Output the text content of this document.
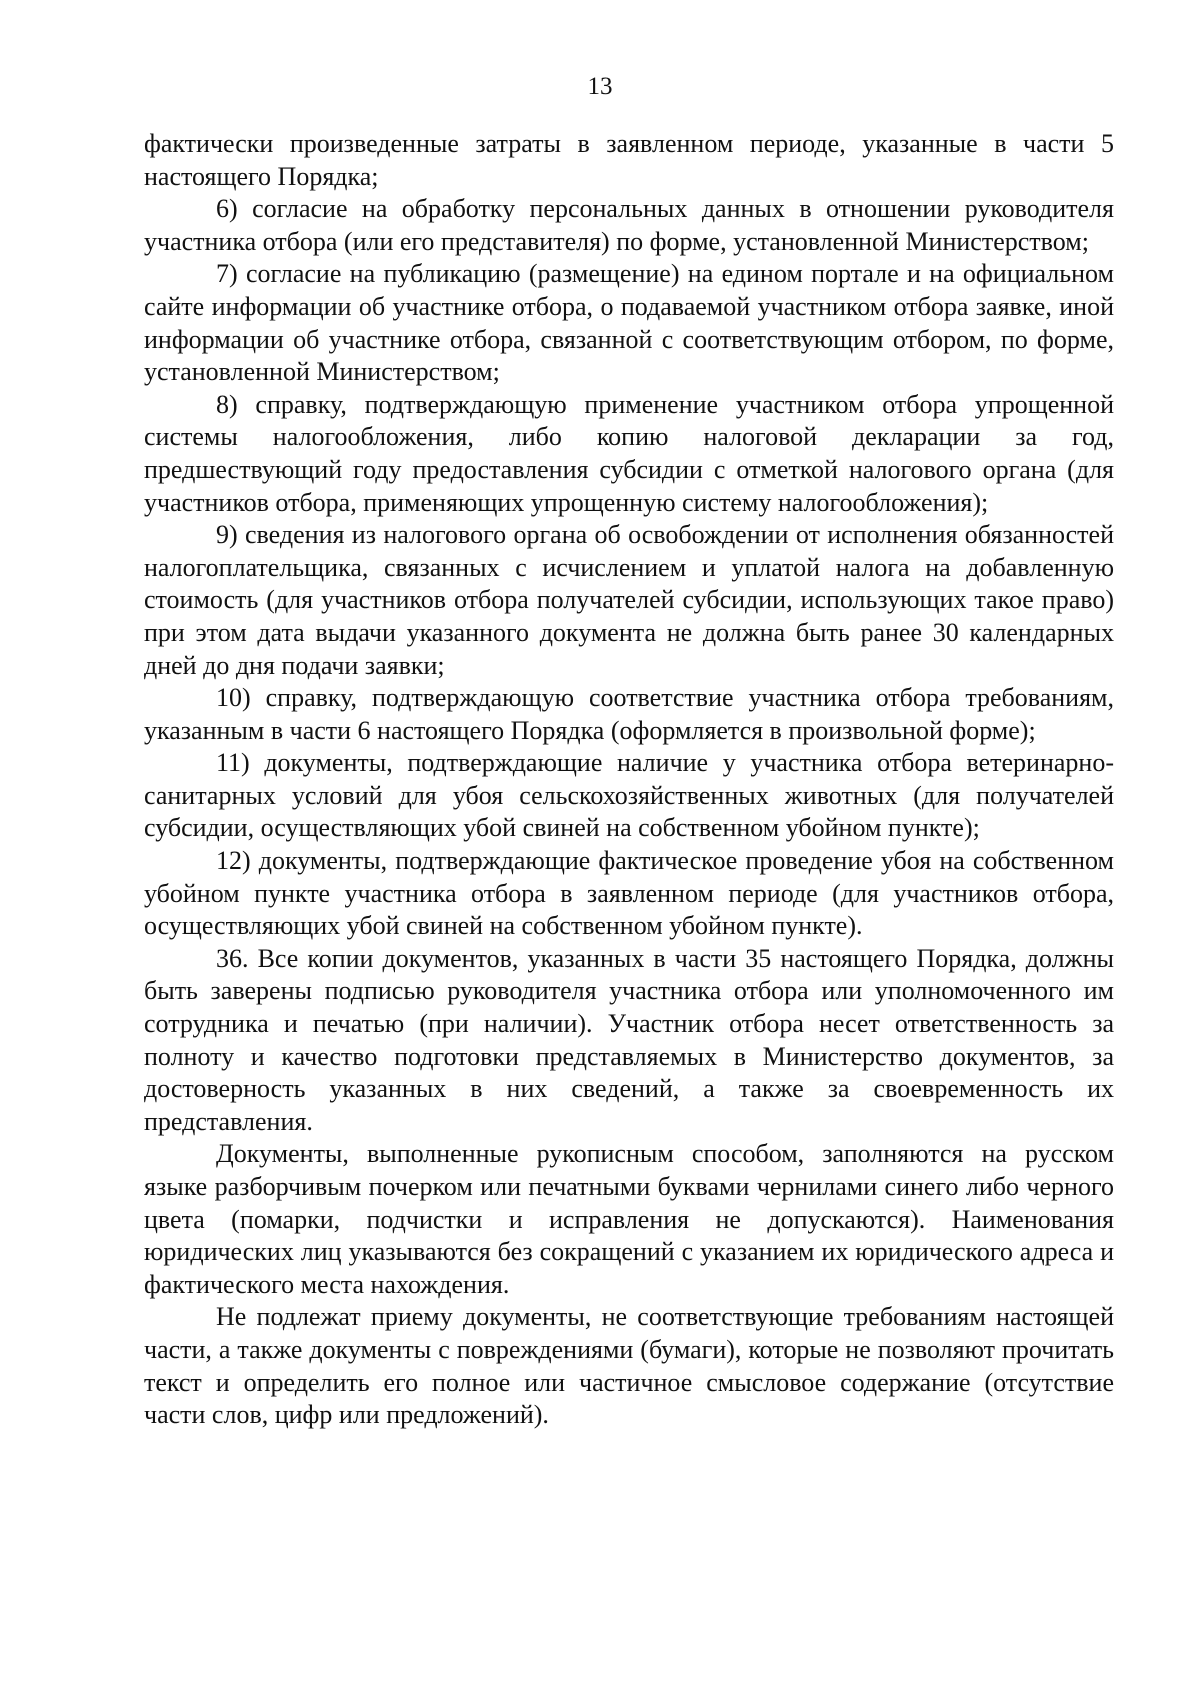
13

фактически произведенные затраты в заявленном периоде, указанные в части 5 настоящего Порядка;

6) согласие на обработку персональных данных в отношении руководителя участника отбора (или его представителя) по форме, установленной Министерством;

7) согласие на публикацию (размещение) на едином портале и на официальном сайте информации об участнике отбора, о подаваемой участником отбора заявке, иной информации об участнике отбора, связанной с соответствующим отбором, по форме, установленной Министерством;

8) справку, подтверждающую применение участником отбора упрощенной системы налогообложения, либо копию налоговой декларации за год, предшествующий году предоставления субсидии с отметкой налогового органа (для участников отбора, применяющих упрощенную систему налогообложения);

9) сведения из налогового органа об освобождении от исполнения обязанностей налогоплательщика, связанных с исчислением и уплатой налога на добавленную стоимость (для участников отбора получателей субсидии, использующих такое право) при этом дата выдачи указанного документа не должна быть ранее 30 календарных дней до дня подачи заявки;

10) справку, подтверждающую соответствие участника отбора требованиям, указанным в части 6 настоящего Порядка (оформляется в произвольной форме);

11) документы, подтверждающие наличие у участника отбора ветеринарно-санитарных условий для убоя сельскохозяйственных животных (для получателей субсидии, осуществляющих убой свиней на собственном убойном пункте);

12) документы, подтверждающие фактическое проведение убоя на собственном убойном пункте участника отбора в заявленном периоде (для участников отбора, осуществляющих убой свиней на собственном убойном пункте).

36. Все копии документов, указанных в части 35 настоящего Порядка, должны быть заверены подписью руководителя участника отбора или уполномоченного им сотрудника и печатью (при наличии). Участник отбора несет ответственность за полноту и качество подготовки представляемых в Министерство документов, за достоверность указанных в них сведений, а также за своевременность их представления.

Документы, выполненные рукописным способом, заполняются на русском языке разборчивым почерком или печатными буквами чернилами синего либо черного цвета (помарки, подчистки и исправления не допускаются). Наименования юридических лиц указываются без сокращений с указанием их юридического адреса и фактического места нахождения.

Не подлежат приему документы, не соответствующие требованиям настоящей части, а также документы с повреждениями (бумаги), которые не позволяют прочитать текст и определить его полное или частичное смысловое содержание (отсутствие части слов, цифр или предложений).
